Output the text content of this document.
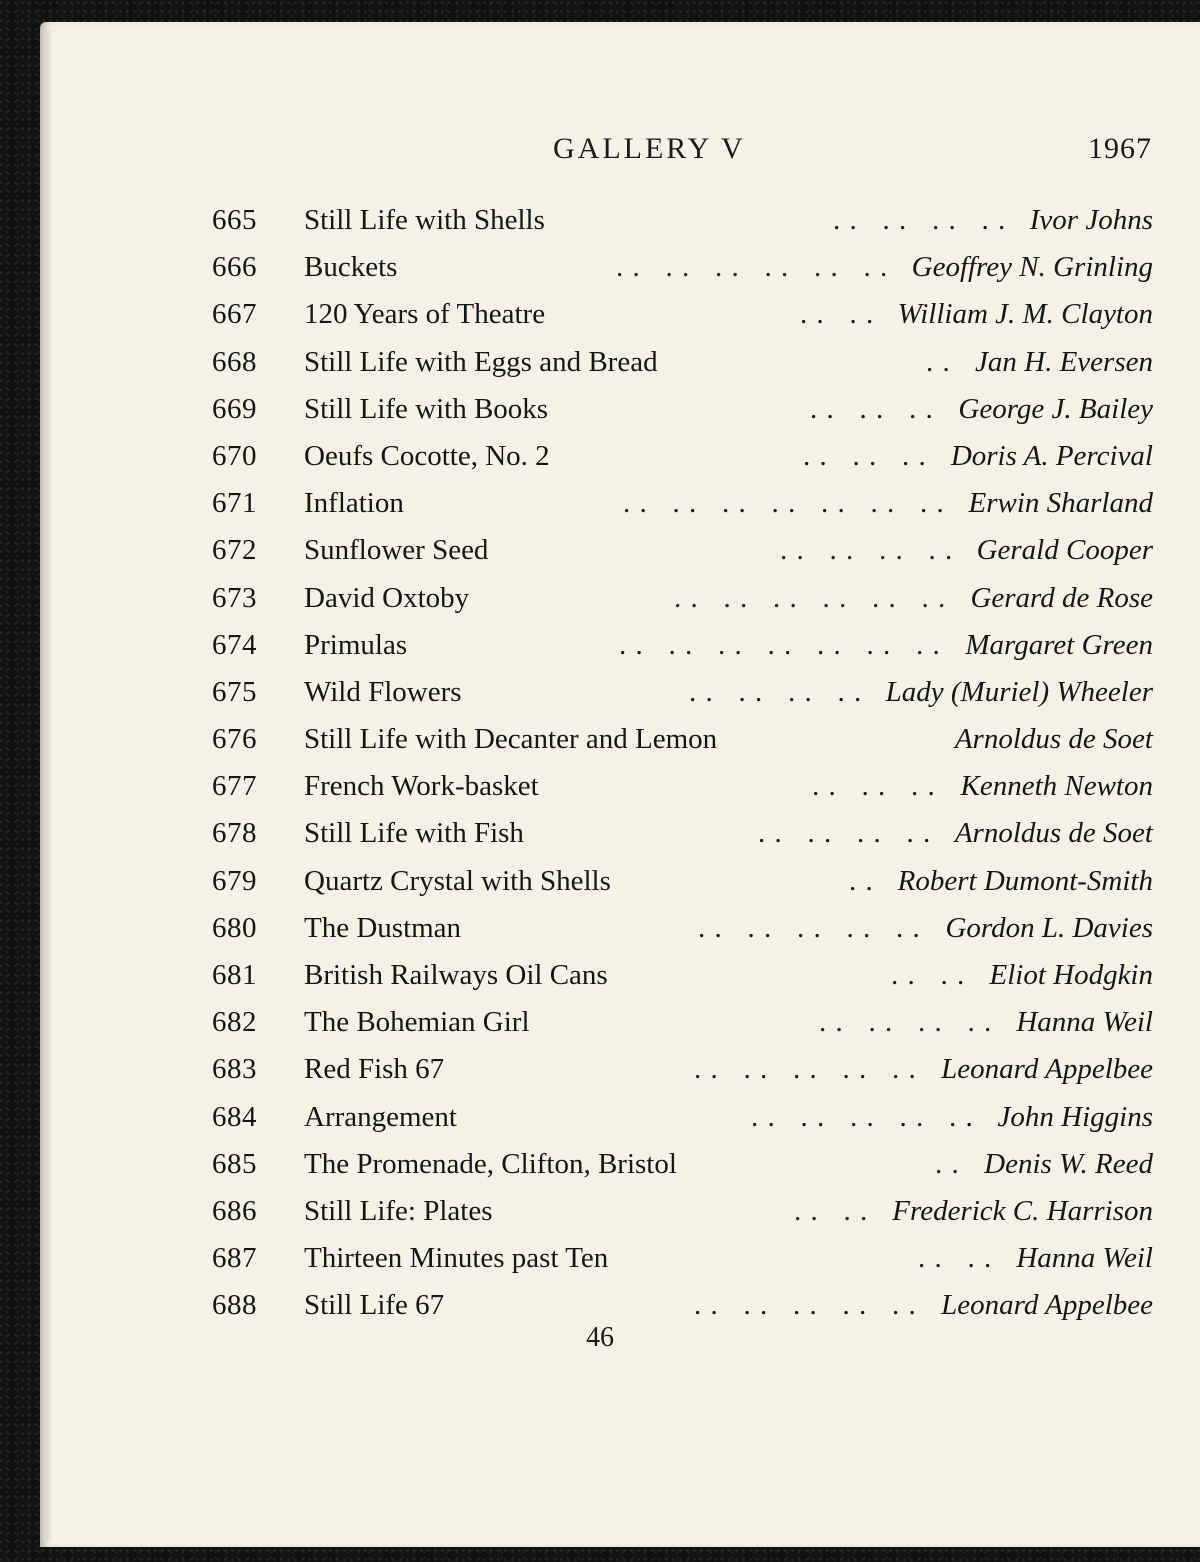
GALLERY V	1967
665 Still Life with Shells	. .   . .   . .   . . Ivor Johns
666 Buckets	. .   . .   . .   . .   . .   . . Geoffrey N. Grinling
667 120 Years of Theatre	. .   . . William J. M. Clayton
668 Still Life with Eggs and Bread	. . Jan H. Eversen
669 Still Life with Books	. .   . .   . . George J. Bailey
670 Oeufs Cocotte, No. 2	. .   . .   . . Doris A. Percival
671 Inflation	. .   . .   . .   . .   . .   . .   . . Erwin Sharland
672 Sunflower Seed	. .   . .   . .   . . Gerald Cooper
673 David Oxtoby	. .   . .   . .   . .   . .   . . Gerard de Rose
674 Primulas	. .   . .   . .   . .   . .   . .   . . Margaret Green
675 Wild Flowers	. .   . .   . .   . . Lady (Muriel) Wheeler
676 Still Life with Decanter and Lemon	Arnoldus de Soet
677 French Work-basket	. .   . .   . . Kenneth Newton
678 Still Life with Fish	. .   . .   . .   . . Arnoldus de Soet
679 Quartz Crystal with Shells	. . Robert Dumont-Smith
680 The Dustman	. .   . .   . .   . .   . . Gordon L. Davies
681 British Railways Oil Cans	. .   . . Eliot Hodgkin
682 The Bohemian Girl	. .   . .   . .   . . Hanna Weil
683 Red Fish 67	. .   . .   . .   . .   . . Leonard Appelbee
684 Arrangement	. .   . .   . .   . .   . . John Higgins
685 The Promenade, Clifton, Bristol	. . Denis W. Reed
686 Still Life: Plates	. .   . . Frederick C. Harrison
687 Thirteen Minutes past Ten	. .   . . Hanna Weil
688 Still Life 67	. .   . .   . .   . .   . . Leonard Appelbee
46
